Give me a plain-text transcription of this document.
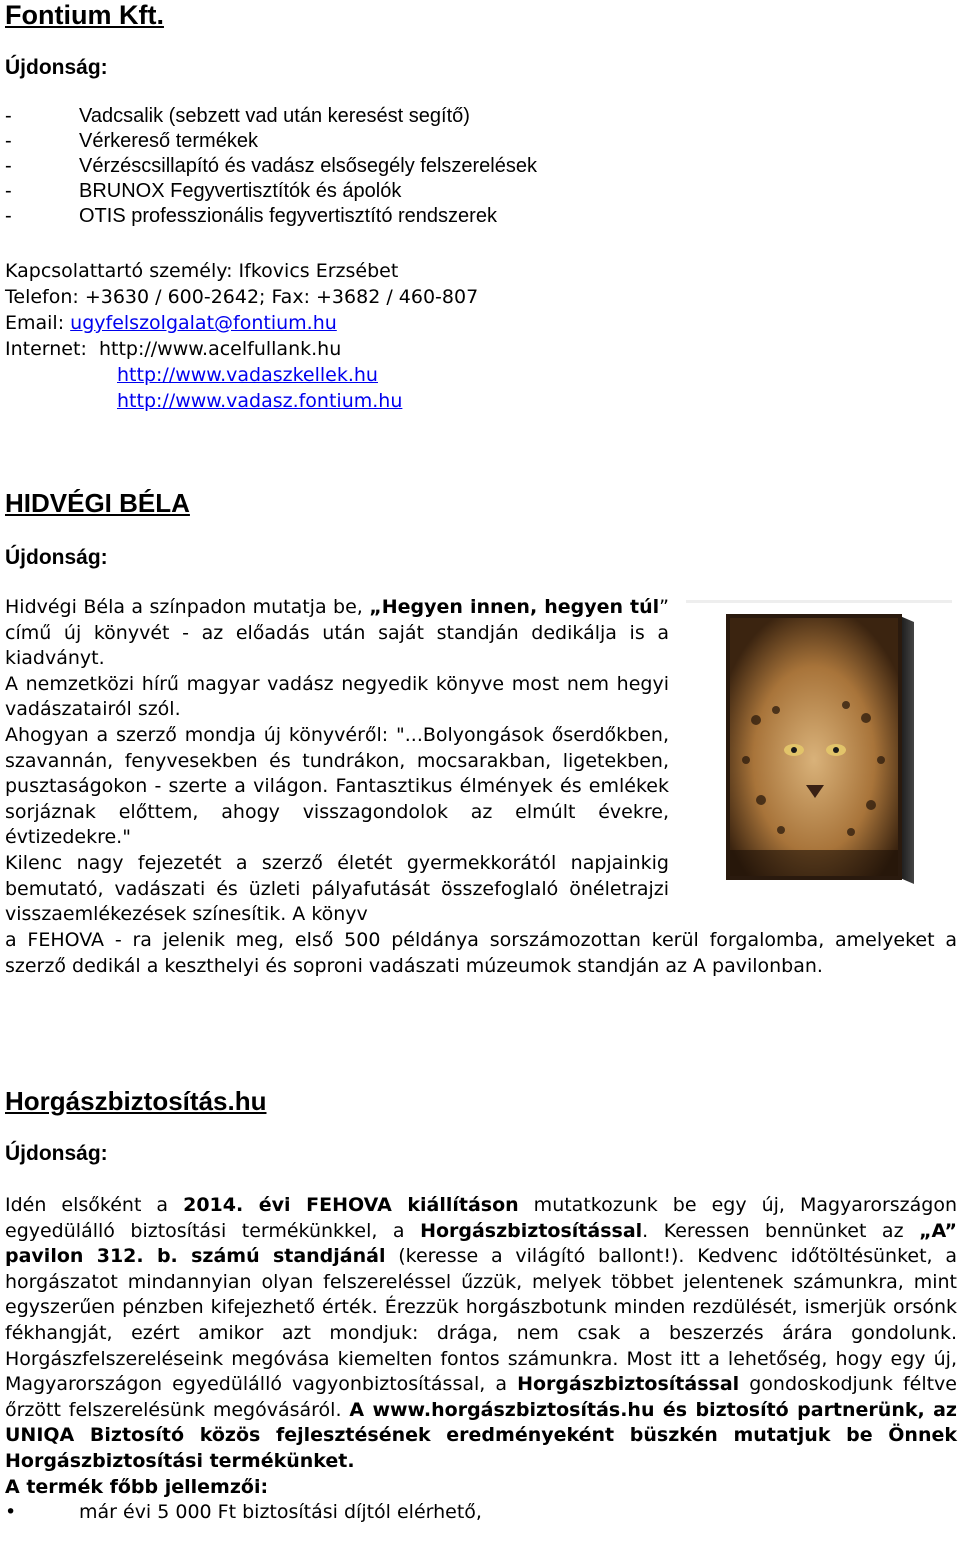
Fontium Kft.
Újdonság:
-	Vadcsalik (sebzett vad után keresést segítő)
-	Vérkereső termékek
-	Vérzéscsillapító és vadász elsősegély felszerelések
-	BRUNOX Fegyvertisztítók és ápolók
-	OTIS professzionális fegyvertisztító rendszerek
Kapcsolattartó személy: Ifkovics Erzsébet
Telefon: +3630 / 600-2642; Fax: +3682 / 460-807
Email: ugyfelszolgalat@fontium.hu
Internet: http://www.acelfullank.hu
http://www.vadaszkellek.hu
http://www.vadasz.fontium.hu
HIDVÉGI BÉLA
Újdonság:

Hidvégi Béla a színpadon mutatja be, „Hegyen innen, hegyen túl” című új könyvét - az előadás után saját standján dedikálja is a kiadványt.

A nemzetközi hírű magyar vadász negyedik könyve most nem hegyi vadászatairól szól.

Ahogyan a szerző mondja új könyvéről: "...Bolyongások őserdőkben, szavannán, fenyvesekben és tundrákon, mocsarakban, ligetekben, pusztaságokon - szerte a világon. Fantasztikus élmények és emlékek sorjáznak előttem, ahogy visszagondolok az elmúlt évekre, évtizedekre."

Kilenc nagy fejezetét a szerző életét gyermekkorától napjainkig bemutató, vadászati és üzleti pályafutását összefoglaló önéletrajzi visszaemlékezések színesítik. A könyv

a FEHOVA - ra jelenik meg, első 500 példánya sorszámozottan kerül forgalomba, amelyeket a szerző dedikál a keszthelyi és soproni vadászati múzeumok standján az A pavilonban.

Horgászbiztosítás.hu
Újdonság:

Idén elsőként a 2014. évi FEHOVA kiállításon mutatkozunk be egy új, Magyarországon egyedülálló biztosítási termékünkkel, a Horgászbiztosítással. Keressen bennünket az „A” pavilon 312. b. számú standjánál (keresse a világító ballont!). Kedvenc időtöltésünket, a horgászatot mindannyian olyan felszereléssel űzzük, melyek többet jelentenek számunkra, mint egyszerűen pénzben kifejezhető érték. Érezzük horgászbotunk minden rezdülését, ismerjük orsónk fékhangját, ezért amikor azt mondjuk: drága, nem csak a beszerzés árára gondolunk. Horgászfelszereléseink megóvása kiemelten fontos számunkra. Most itt a lehetőség, hogy egy új, Magyarországon egyedülálló vagyonbiztosítással, a Horgászbiztosítással gondoskodjunk féltve őrzött felszerelésünk megóvásáról. A www.horgászbiztosítás.hu és biztosító partnerünk, az UNIQA Biztosító közös fejlesztésének eredményeként büszkén mutatjuk be Önnek Horgászbiztosítási termékünket.

A termék főbb jellemzői:

•	már évi 5 000 Ft biztosítási díjtól elérhető,
